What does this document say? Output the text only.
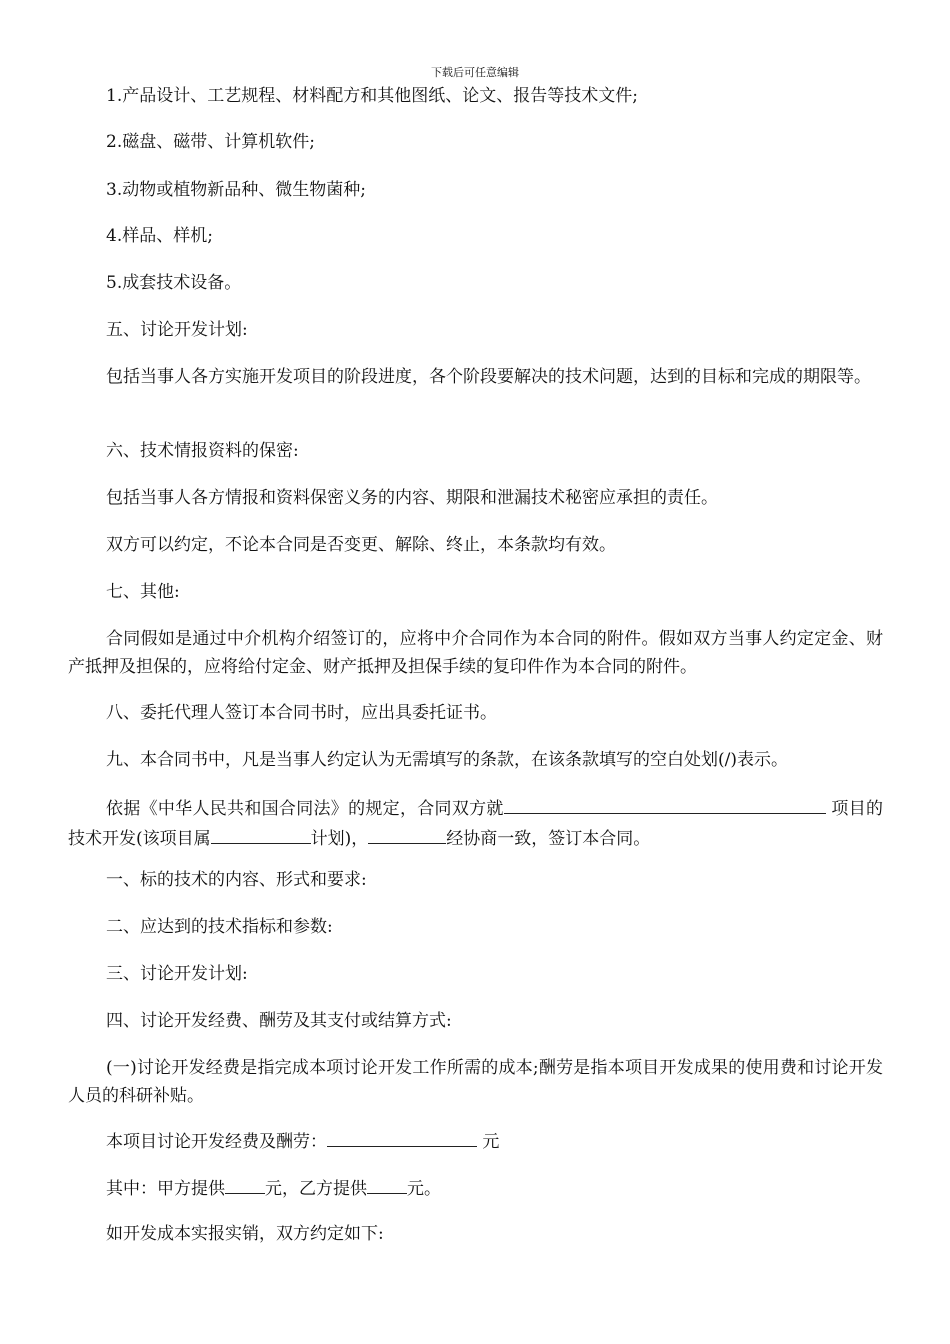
下载后可任意编辑

1.产品设计、工艺规程、材料配方和其他图纸、论文、报告等技术文件;

2.磁盘、磁带、计算机软件;

3.动物或植物新品种、微生物菌种;

4.样品、样机;

5.成套技术设备。

五、讨论开发计划:

包括当事人各方实施开发项目的阶段进度，各个阶段要解决的技术问题，达到的目标和完成的期限等。

六、技术情报资料的保密:

包括当事人各方情报和资料保密义务的内容、期限和泄漏技术秘密应承担的责任。

双方可以约定，不论本合同是否变更、解除、终止，本条款均有效。

七、其他:

合同假如是通过中介机构介绍签订的，应将中介合同作为本合同的附件。假如双方当事人约定定金、财产抵押及担保的，应将给付定金、财产抵押及担保手续的复印件作为本合同的附件。

八、委托代理人签订本合同书时，应出具委托证书。

九、本合同书中，凡是当事人约定认为无需填写的条款，在该条款填写的空白处划(/)表示。

依据《中华人民共和国合同法》的规定，合同双方就	项目的技术开发(该项目属	计划)，	经协商一致，签订本合同。

一、标的技术的内容、形式和要求:

二、应达到的技术指标和参数:

三、讨论开发计划:

四、讨论开发经费、酬劳及其支付或结算方式:

(一)讨论开发经费是指完成本项讨论开发工作所需的成本;酬劳是指本项目开发成果的使用费和讨论开发人员的科研补贴。

本项目讨论开发经费及酬劳：	元

其中：甲方提供 元，乙方提供 元。

如开发成本实报实销，双方约定如下:
